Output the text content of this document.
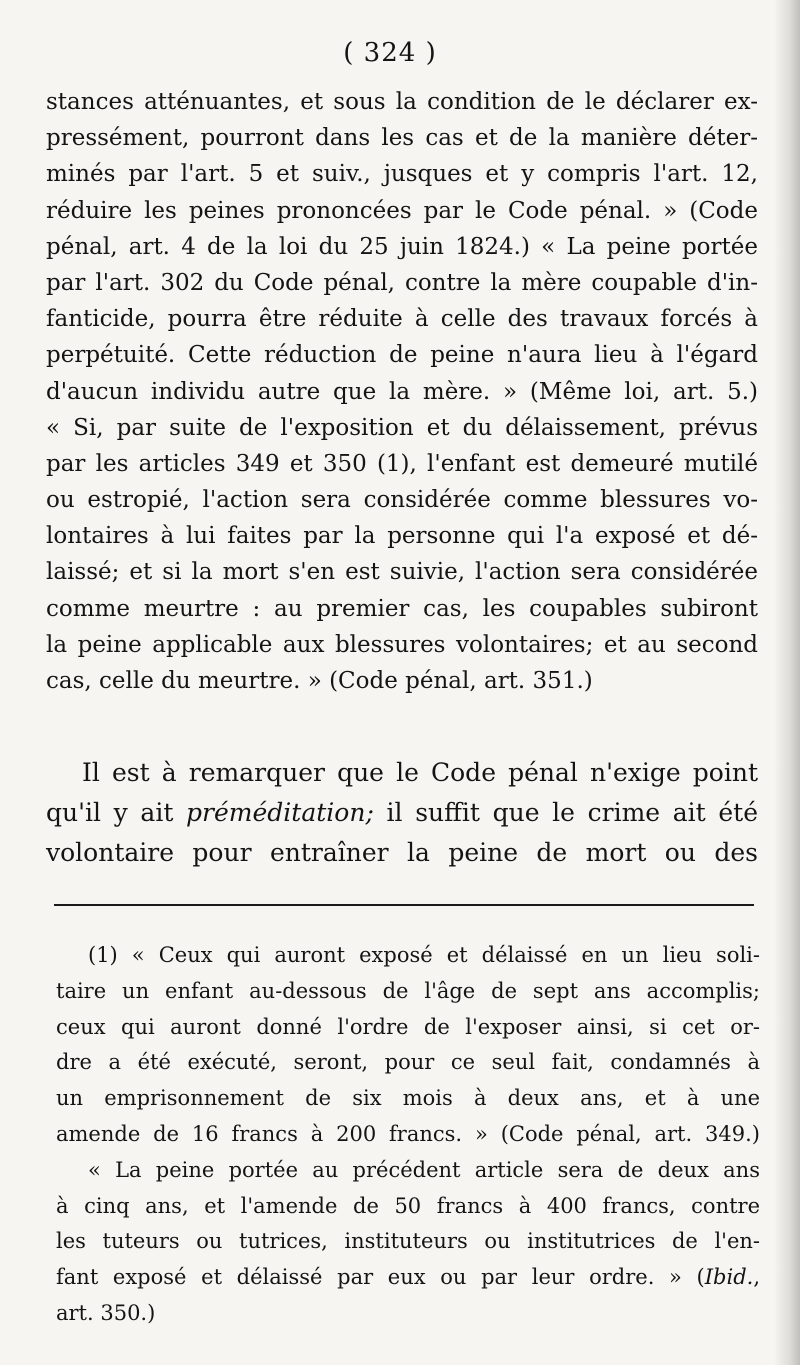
( 324 )
stances atténuantes, et sous la condition de le déclarer ex-
pressément, pourront dans les cas et de la manière déter-
minés par l'art. 5 et suiv., jusques et y compris l'art. 12,
réduire les peines prononcées par le Code pénal. » (Code
pénal, art. 4 de la loi du 25 juin 1824.) « La peine portée
par l'art. 302 du Code pénal, contre la mère coupable d'in-
fanticide, pourra être réduite à celle des travaux forcés à
perpétuité. Cette réduction de peine n'aura lieu à l'égard
d'aucun individu autre que la mère. » (Même loi, art. 5.)
« Si, par suite de l'exposition et du délaissement, prévus
par les articles 349 et 350 (1), l'enfant est demeuré mutilé
ou estropié, l'action sera considérée comme blessures vo-
lontaires à lui faites par la personne qui l'a exposé et dé-
laissé; et si la mort s'en est suivie, l'action sera considérée
comme meurtre : au premier cas, les coupables subiront
la peine applicable aux blessures volontaires; et au second
cas, celle du meurtre. » (Code pénal, art. 351.)
Il est à remarquer que le Code pénal n'exige point
qu'il y ait préméditation; il suffit que le crime ait été
volontaire pour entraîner la peine de mort ou des
(1) « Ceux qui auront exposé et délaissé en un lieu soli-
taire un enfant au-dessous de l'âge de sept ans accomplis;
ceux qui auront donné l'ordre de l'exposer ainsi, si cet or-
dre a été exécuté, seront, pour ce seul fait, condamnés à
un emprisonnement de six mois à deux ans, et à une
amende de 16 francs à 200 francs. » (Code pénal, art. 349.)
« La peine portée au précédent article sera de deux ans
à cinq ans, et l'amende de 50 francs à 400 francs, contre
les tuteurs ou tutrices, instituteurs ou institutrices de l'en-
fant exposé et délaissé par eux ou par leur ordre. » (Ibid.,
art. 350.)
